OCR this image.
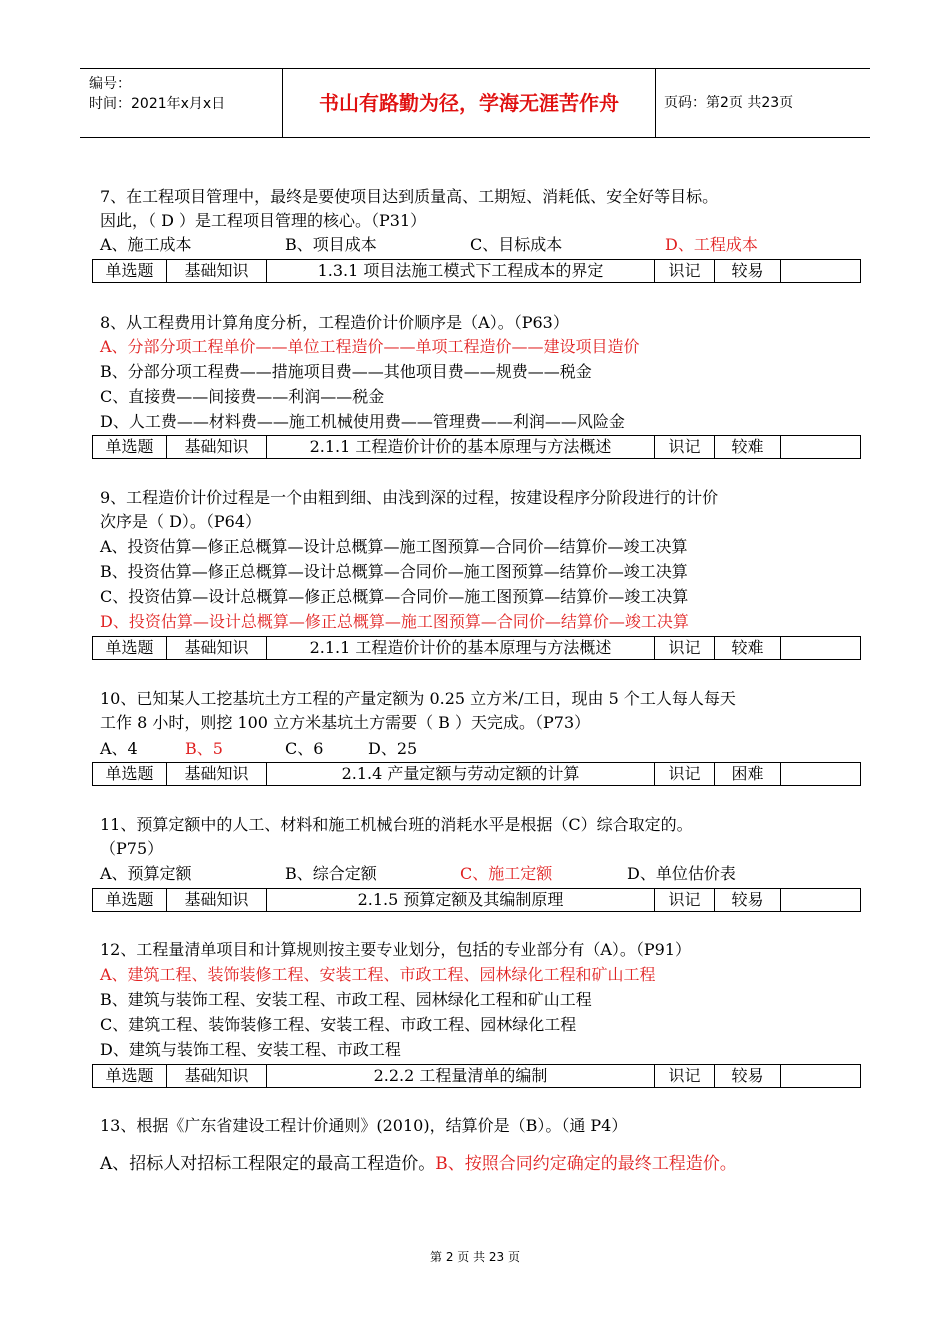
编号：
时间：2021年x月x日	书山有路勤为径，学海无涯苦作舟	页码：第2页 共23页
7、在工程项目管理中，最终是要使项目达到质量高、工期短、消耗低、安全好等目标。
因此，（ D ）是工程项目管理的核心。（P31）
A、施工成本	B、项目成本	C、目标成本	D、工程成本
单选题	基础知识	1.3.1 项目法施工模式下工程成本的界定	识记	较易	
8、从工程费用计算角度分析，工程造价计价顺序是（A）。（P63）
A、分部分项工程单价——单位工程造价——单项工程造价——建设项目造价
B、分部分项工程费——措施项目费——其他项目费——规费——税金
C、直接费——间接费——利润——税金
D、人工费——材料费——施工机械使用费——管理费——利润——风险金
单选题	基础知识	2.1.1 工程造价计价的基本原理与方法概述	识记	较难	
9、工程造价计价过程是一个由粗到细、由浅到深的过程，按建设程序分阶段进行的计价
次序是（ D）。（P64）
A、投资估算—修正总概算—设计总概算—施工图预算—合同价—结算价—竣工决算
B、投资估算—修正总概算—设计总概算—合同价—施工图预算—结算价—竣工决算
C、投资估算—设计总概算—修正总概算—合同价—施工图预算—结算价—竣工决算
D、投资估算—设计总概算—修正总概算—施工图预算—合同价—结算价—竣工决算
单选题	基础知识	2.1.1 工程造价计价的基本原理与方法概述	识记	较难	
10、已知某人工挖基坑土方工程的产量定额为 0.25 立方米/工日，现由 5 个工人每人每天
工作 8 小时，则挖 100 立方米基坑土方需要（ B ）天完成。（P73）
A、4	B、5	C、6	D、25
单选题	基础知识	2.1.4 产量定额与劳动定额的计算	识记	困难	
11、预算定额中的人工、材料和施工机械台班的消耗水平是根据（C）综合取定的。
（P75）
A、预算定额	B、综合定额	C、施工定额	D、单位估价表
单选题	基础知识	2.1.5 预算定额及其编制原理	识记	较易	
12、工程量清单项目和计算规则按主要专业划分，包括的专业部分有（A）。（P91）
A、建筑工程、装饰装修工程、安装工程、市政工程、园林绿化工程和矿山工程
B、建筑与装饰工程、安装工程、市政工程、园林绿化工程和矿山工程
C、建筑工程、装饰装修工程、安装工程、市政工程、园林绿化工程
D、建筑与装饰工程、安装工程、市政工程
单选题	基础知识	2.2.2 工程量清单的编制	识记	较易	
13、根据《广东省建设工程计价通则》(2010)，结算价是（B）。（通 P4）
A、招标人对招标工程限定的最高工程造价。B、按照合同约定确定的最终工程造价。
第 2 页 共 23 页
